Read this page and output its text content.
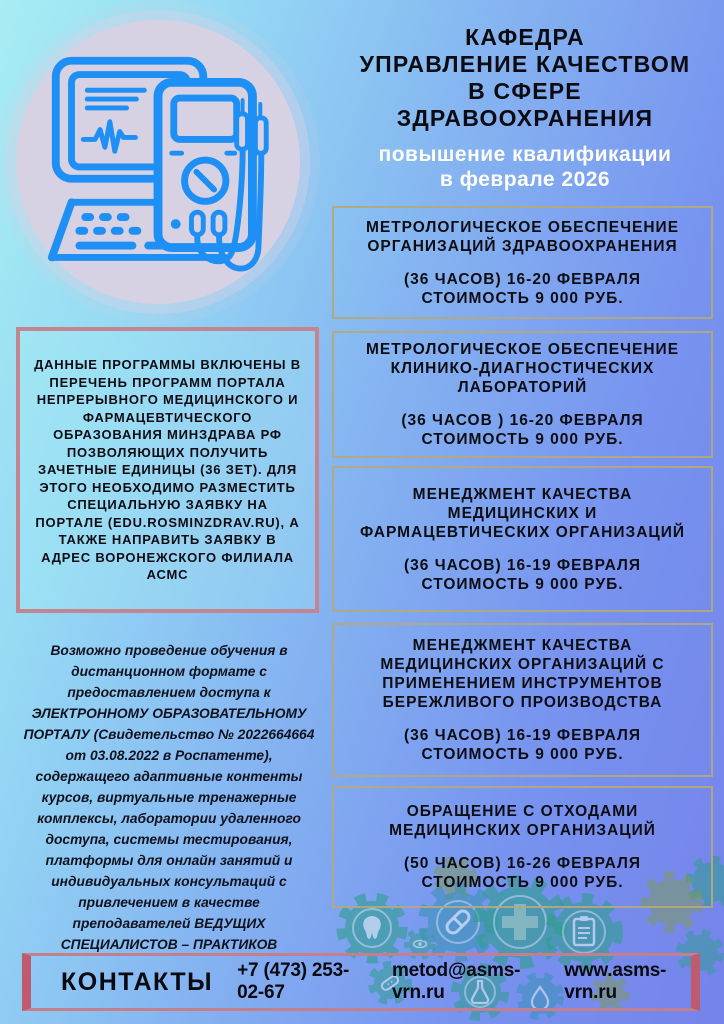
КАФЕДРА
УПРАВЛЕНИЕ КАЧЕСТВОМ
В СФЕРЕ
ЗДРАВООХРАНЕНИЯ
повышение квалификации
в феврале 2026
МЕТРОЛОГИЧЕСКОЕ ОБЕСПЕЧЕНИЕ ОРГАНИЗАЦИЙ ЗДРАВООХРАНЕНИЯ
(36 ЧАСОВ) 16-20 ФЕВРАЛЯ
СТОИМОСТЬ 9 000 РУБ.
МЕТРОЛОГИЧЕСКОЕ ОБЕСПЕЧЕНИЕ КЛИНИКО-ДИАГНОСТИЧЕСКИХ ЛАБОРАТОРИЙ
(36 ЧАСОВ ) 16-20 ФЕВРАЛЯ
СТОИМОСТЬ 9 000 РУБ.
МЕНЕДЖМЕНТ КАЧЕСТВА МЕДИЦИНСКИХ И ФАРМАЦЕВТИЧЕСКИХ ОРГАНИЗАЦИЙ
(36 ЧАСОВ) 16-19 ФЕВРАЛЯ
СТОИМОСТЬ 9 000 РУБ.
МЕНЕДЖМЕНТ КАЧЕСТВА МЕДИЦИНСКИХ ОРГАНИЗАЦИЙ С ПРИМЕНЕНИЕМ ИНСТРУМЕНТОВ БЕРЕЖЛИВОГО ПРОИЗВОДСТВА
(36 ЧАСОВ) 16-19 ФЕВРАЛЯ
СТОИМОСТЬ 9 000 РУБ.
ОБРАЩЕНИЕ С ОТХОДАМИ МЕДИЦИНСКИХ ОРГАНИЗАЦИЙ
(50 ЧАСОВ) 16-26 ФЕВРАЛЯ
СТОИМОСТЬ 9 000 РУБ.
ДАННЫЕ ПРОГРАММЫ ВКЛЮЧЕНЫ В ПЕРЕЧЕНЬ ПРОГРАММ ПОРТАЛА НЕПРЕРЫВНОГО МЕДИЦИНСКОГО И ФАРМАЦЕВТИЧЕСКОГО ОБРАЗОВАНИЯ МИНЗДРАВА РФ ПОЗВОЛЯЮЩИХ ПОЛУЧИТЬ ЗАЧЕТНЫЕ ЕДИНИЦЫ (36 ЗЕТ). ДЛЯ ЭТОГО НЕОБХОДИМО РАЗМЕСТИТЬ СПЕЦИАЛЬНУЮ ЗАЯВКУ НА ПОРТАЛЕ (EDU.ROSMINZDRAV.RU), А ТАКЖЕ НАПРАВИТЬ ЗАЯВКУ В АДРЕС ВОРОНЕЖСКОГО ФИЛИАЛА АСМС
Возможно проведение обучения в дистанционном формате с предоставлением доступа к ЭЛЕКТРОННОМУ ОБРАЗОВАТЕЛЬНОМУ ПОРТАЛУ (Свидетельство № 2022664664 от 03.08.2022 в Роспатенте), содержащего адаптивные контенты курсов, виртуальные тренажерные комплексы, лаборатории удаленного доступа, системы тестирования, платформы для онлайн занятий и индивидуальных консультаций с привлечением в качестве преподавателей ВЕДУЩИХ СПЕЦИАЛИСТОВ – ПРАКТИКОВ
КОНТАКТЫ +7 (473) 253-02-67
metod@asms-vrn.ru
www.asms-vrn.ru
